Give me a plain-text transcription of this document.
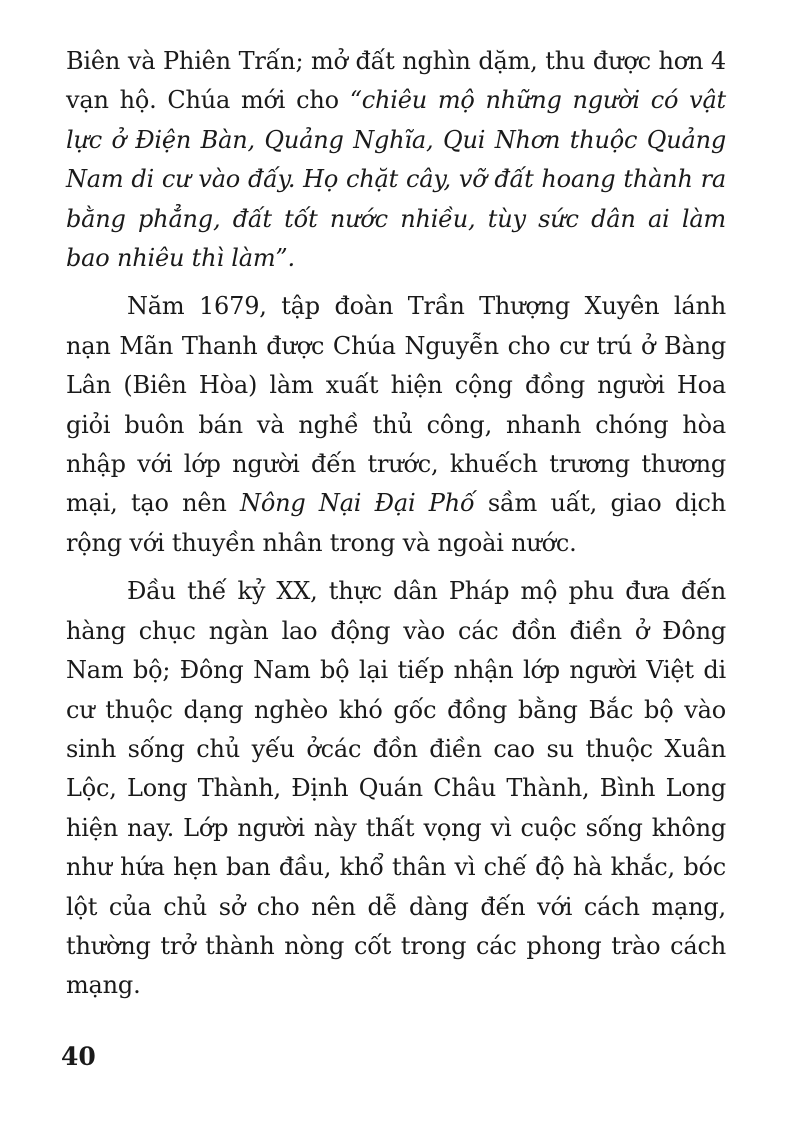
Biên và Phiên Trấn; mở đất nghìn dặm, thu được hơn 4 vạn hộ. Chúa mới cho “chiêu mộ những người có vật lực ở Điện Bàn, Quảng Nghĩa, Qui Nhơn thuộc Quảng Nam di cư vào đấy. Họ chặt cây, vỡ đất hoang thành ra bằng phẳng, đất tốt nước nhiều, tùy sức dân ai làm bao nhiêu thì làm”.

Năm 1679, tập đoàn Trần Thượng Xuyên lánh nạn Mãn Thanh được Chúa Nguyễn cho cư trú ở Bàng Lân (Biên Hòa) làm xuất hiện cộng đồng người Hoa giỏi buôn bán và nghề thủ công, nhanh chóng hòa nhập với lớp người đến trước, khuếch trương thương mại, tạo nên Nông Nại Đại Phố sầm uất, giao dịch rộng với thuyền nhân trong và ngoài nước.

Đầu thế kỷ XX, thực dân Pháp mộ phu đưa đến hàng chục ngàn lao động vào các đồn điền ở Đông Nam bộ; Đông Nam bộ lại tiếp nhận lớp người Việt di cư thuộc dạng nghèo khó gốc đồng bằng Bắc bộ vào sinh sống chủ yếu ởcác đồn điền cao su thuộc Xuân Lộc, Long Thành, Định Quán Châu Thành, Bình Long hiện nay. Lớp người này thất vọng vì cuộc sống không như hứa hẹn ban đầu, khổ thân vì chế độ hà khắc, bóc lột của chủ sở cho nên dễ dàng đến với cách mạng, thường trở thành nòng cốt trong các phong trào cách mạng.

40
